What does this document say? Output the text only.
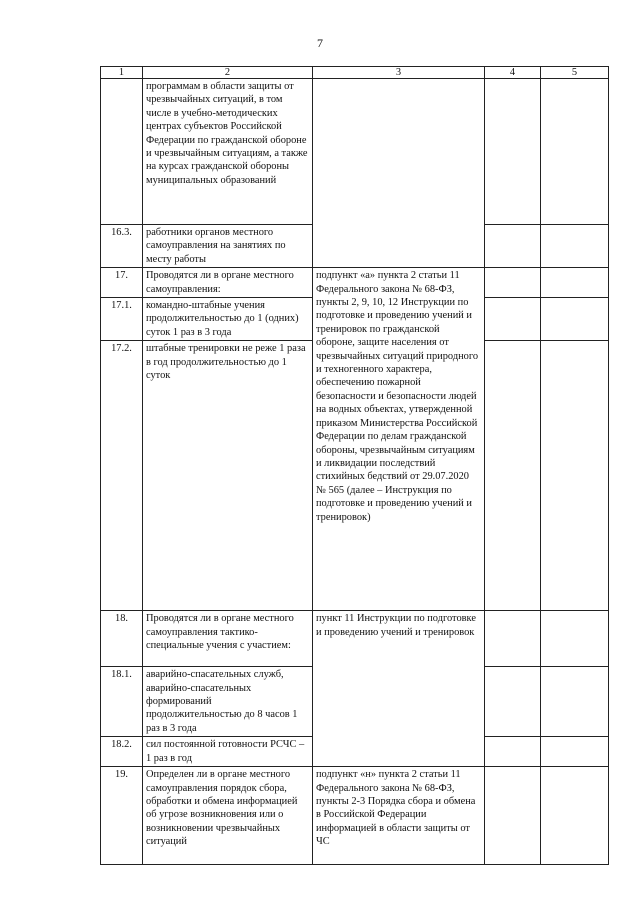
7
1	2	3	4	5
	программам в области защиты от чрезвычайных ситуаций, в том числе в учебно-методических центрах субъектов Российской Федерации по гражданской обороне и чрезвычайным ситуациям, а также на курсах гражданской обороны муниципальных образований			
16.3.	работники органов местного самоуправления на занятиях по месту работы			
17.	Проводятся ли в органе местного самоуправления:	подпункт «а» пункта 2 статьи 11 Федерального закона № 68-ФЗ, пункты 2, 9, 10, 12 Инструкции по подготовке и проведению учений и тренировок по гражданской обороне, защите населения от чрезвычайных ситуаций природного и техногенного характера, обеспечению пожарной безопасности и безопасности людей на водных объектах, утвержденной приказом Министерства Российской Федерации по делам гражданской обороны, чрезвычайным ситуациям и ликвидации последствий стихийных бедствий от 29.07.2020 № 565 (далее – Инструкция по подготовке и проведению учений и тренировок)		
17.1.	командно-штабные учения продолжительностью до 1 (одних) суток 1 раз в 3 года			
17.2.	штабные тренировки не реже 1 раза в год продолжительностью до 1 суток			
18.	Проводятся ли в органе местного самоуправления тактико-специальные учения с участием:	пункт 11 Инструкции по подготовке и проведению учений и тренировок		
18.1.	аварийно-спасательных служб, аварийно-спасательных формирований продолжительностью до 8 часов 1 раз в 3 года			
18.2.	сил постоянной готовности РСЧС – 1 раз в год			
19.	Определен ли в органе местного самоуправления порядок сбора, обработки и обмена информацией об угрозе возникновения или о возникновении чрезвычайных ситуаций	подпункт «н» пункта 2 статьи 11 Федерального закона № 68-ФЗ, пункты 2-3 Порядка сбора и обмена в Российской Федерации информацией в области защиты от ЧС		
